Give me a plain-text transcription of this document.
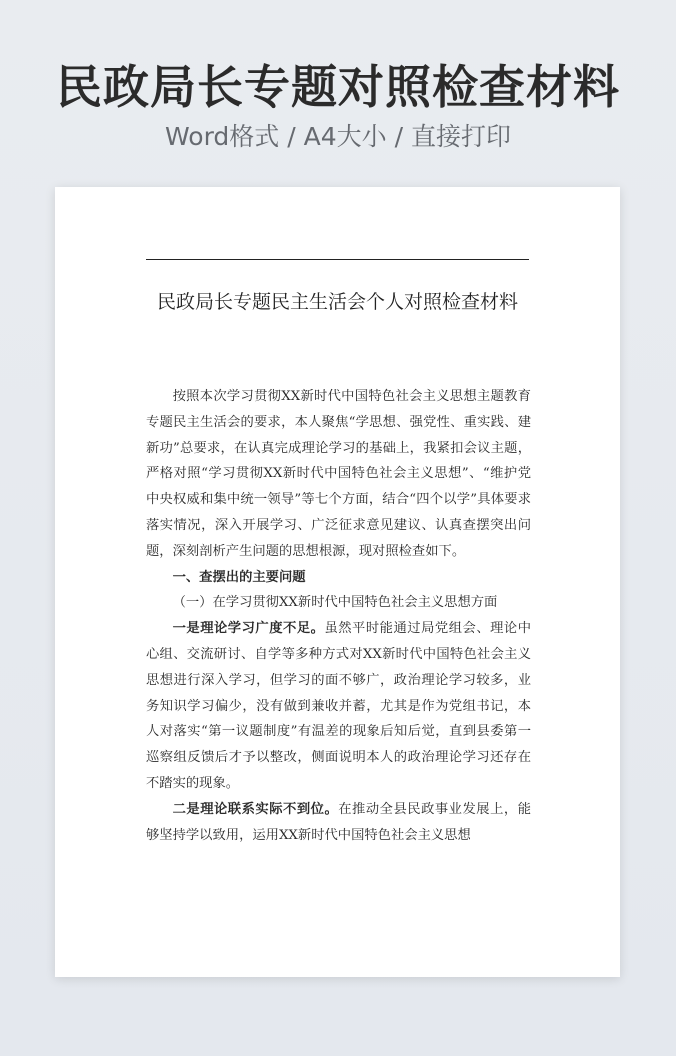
民政局长专题对照检查材料
Word格式 / A4大小 / 直接打印
民政局长专题民主生活会个人对照检查材料

按照本次学习贯彻XX新时代中国特色社会主义思想主题教育专题民主生活会的要求，本人聚焦“学思想、强党性、重实践、建新功”总要求，在认真完成理论学习的基础上，我紧扣会议主题，严格对照“学习贯彻XX新时代中国特色社会主义思想”、“维护党中央权威和集中统一领导”等七个方面，结合“四个以学”具体要求落实情况，深入开展学习、广泛征求意见建议、认真查摆突出问题，深刻剖析产生问题的思想根源，现对照检查如下。

一、查摆出的主要问题

（一）在学习贯彻XX新时代中国特色社会主义思想方面

一是理论学习广度不足。虽然平时能通过局党组会、理论中心组、交流研讨、自学等多种方式对XX新时代中国特色社会主义思想进行深入学习，但学习的面不够广，政治理论学习较多，业务知识学习偏少，没有做到兼收并蓄，尤其是作为党组书记，本人对落实“第一议题制度”有温差的现象后知后觉，直到县委第一巡察组反馈后才予以整改，侧面说明本人的政治理论学习还存在不踏实的现象。

二是理论联系实际不到位。在推动全县民政事业发展上，能够坚持学以致用，运用XX新时代中国特色社会主义思想
